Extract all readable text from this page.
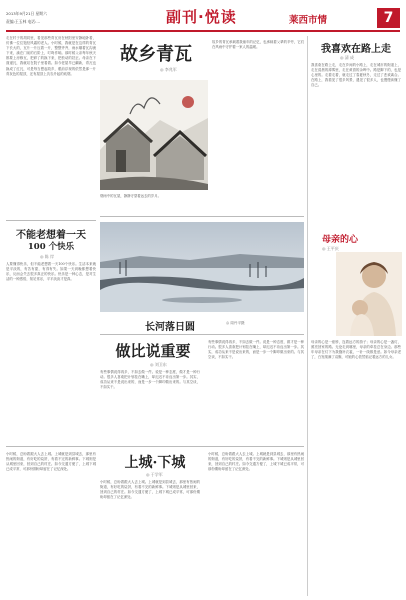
2013年9月21日 星期六
责编:王玉林 电话:…	副刊·悦读	莱西市情	7
走在村子的胡同里，看见那些青瓦房在秋阳里安静地卧着，仿佛一位位饱经风霜的老人。小时候，我就是在这样的青瓦下长大的，瓦片一片压着一片，整整齐齐，雨水顺着瓦沟流下来，滴在门前的石阶上，叮咚作响。那时候父亲每年秋天都要上房修瓦，把碎了的换下来，把松动的扶正。母亲在下面递瓦，我就站在院子里看着。如今老屋早已翻新，青瓦也换成了红瓦，可是每当想起故乡，眼前浮现的依然是那一片青灰色的屋顶，还有屋顶上袅袅升起的炊烟。
故乡青瓦
◎ 李兆军
烟雨中的瓦屋，静静守望着远去的岁月。
故乡的青瓦承载着我童年的记忆，也承载着父辈的辛劳，它们在风雨中守护着一家人的温暖。	我喜欢在路上走
◎ 清 成
我喜欢在路上走，走在乡间的小路上，走在城市的街道上，走在清晨的薄雾里，走在黄昏的余晖中。路是脚下的，也是心里的。走着走着，就走过了春夏秋冬，走过了悲欢离合。在路上，我看见了很多风景，遇见了很多人，也慢慢读懂了自己。
不能老想着一天
100 个快乐
◎ 陈 岸
人要懂得快乐，但不能老想着一天100个快乐。生活本来就是平淡的，有苦有甜，有得有失。如果一天到晚都想着快乐，反而会失去很多真正的快乐。快乐是一种心态，是对生活的一种感悟，知足常乐，平平淡淡才是真。
长河落日圆	◎ 周丹平摄
母亲的心
◎ 王平庆
母亲的心是一座桥，连着远方的游子；母亲的心是一盏灯，照亮回家的路。无论走到哪里，母亲的牵挂总在身边。那些年母亲在灯下为我缝补衣裳，一针一线都是爱。如今母亲老了，白发爬满了双鬓，可她的心依然惦记着远方的儿女。
做比说重要
◎ 刘卫东
有些事情说得再多，不如去做一件。说是一种态度，做才是一种行动。很多人喜欢把计划挂在嘴上，却迟迟不肯迈出第一步。其实，成功从来不是说出来的，而是一步一个脚印做出来的。与其空谈，不如实干。
有些事情说得再多，不如去做一件。说是一种态度，做才是一种行动。很多人喜欢把计划挂在嘴上，却迟迟不肯迈出第一步。其实，成功从来不是说出来的，而是一步一个脚印做出来的。与其空谈，不如实干。
小时候，总盼着跟大人去上城。上城就是到县城去，那里有热闹的街道，有好吃的烧饼，有看不完的新鲜事。下城则是从城里回来，回到自己的村庄。如今交通方便了，上城下城已成平常，可那份期盼却留在了记忆深处。	上城·下城
◎ 于学军
小时候，总盼着跟大人去上城。上城就是到县城去，那里有热闹的街道，有好吃的烧饼，有看不完的新鲜事。下城则是从城里回来，回到自己的村庄。如今交通方便了，上城下城已成平常，可那份期盼却留在了记忆深处。
小时候，总盼着跟大人去上城。上城就是到县城去，那里有热闹的街道，有好吃的烧饼，有看不完的新鲜事。下城则是从城里回来，回到自己的村庄。如今交通方便了，上城下城已成平常，可那份期盼却留在了记忆深处。
